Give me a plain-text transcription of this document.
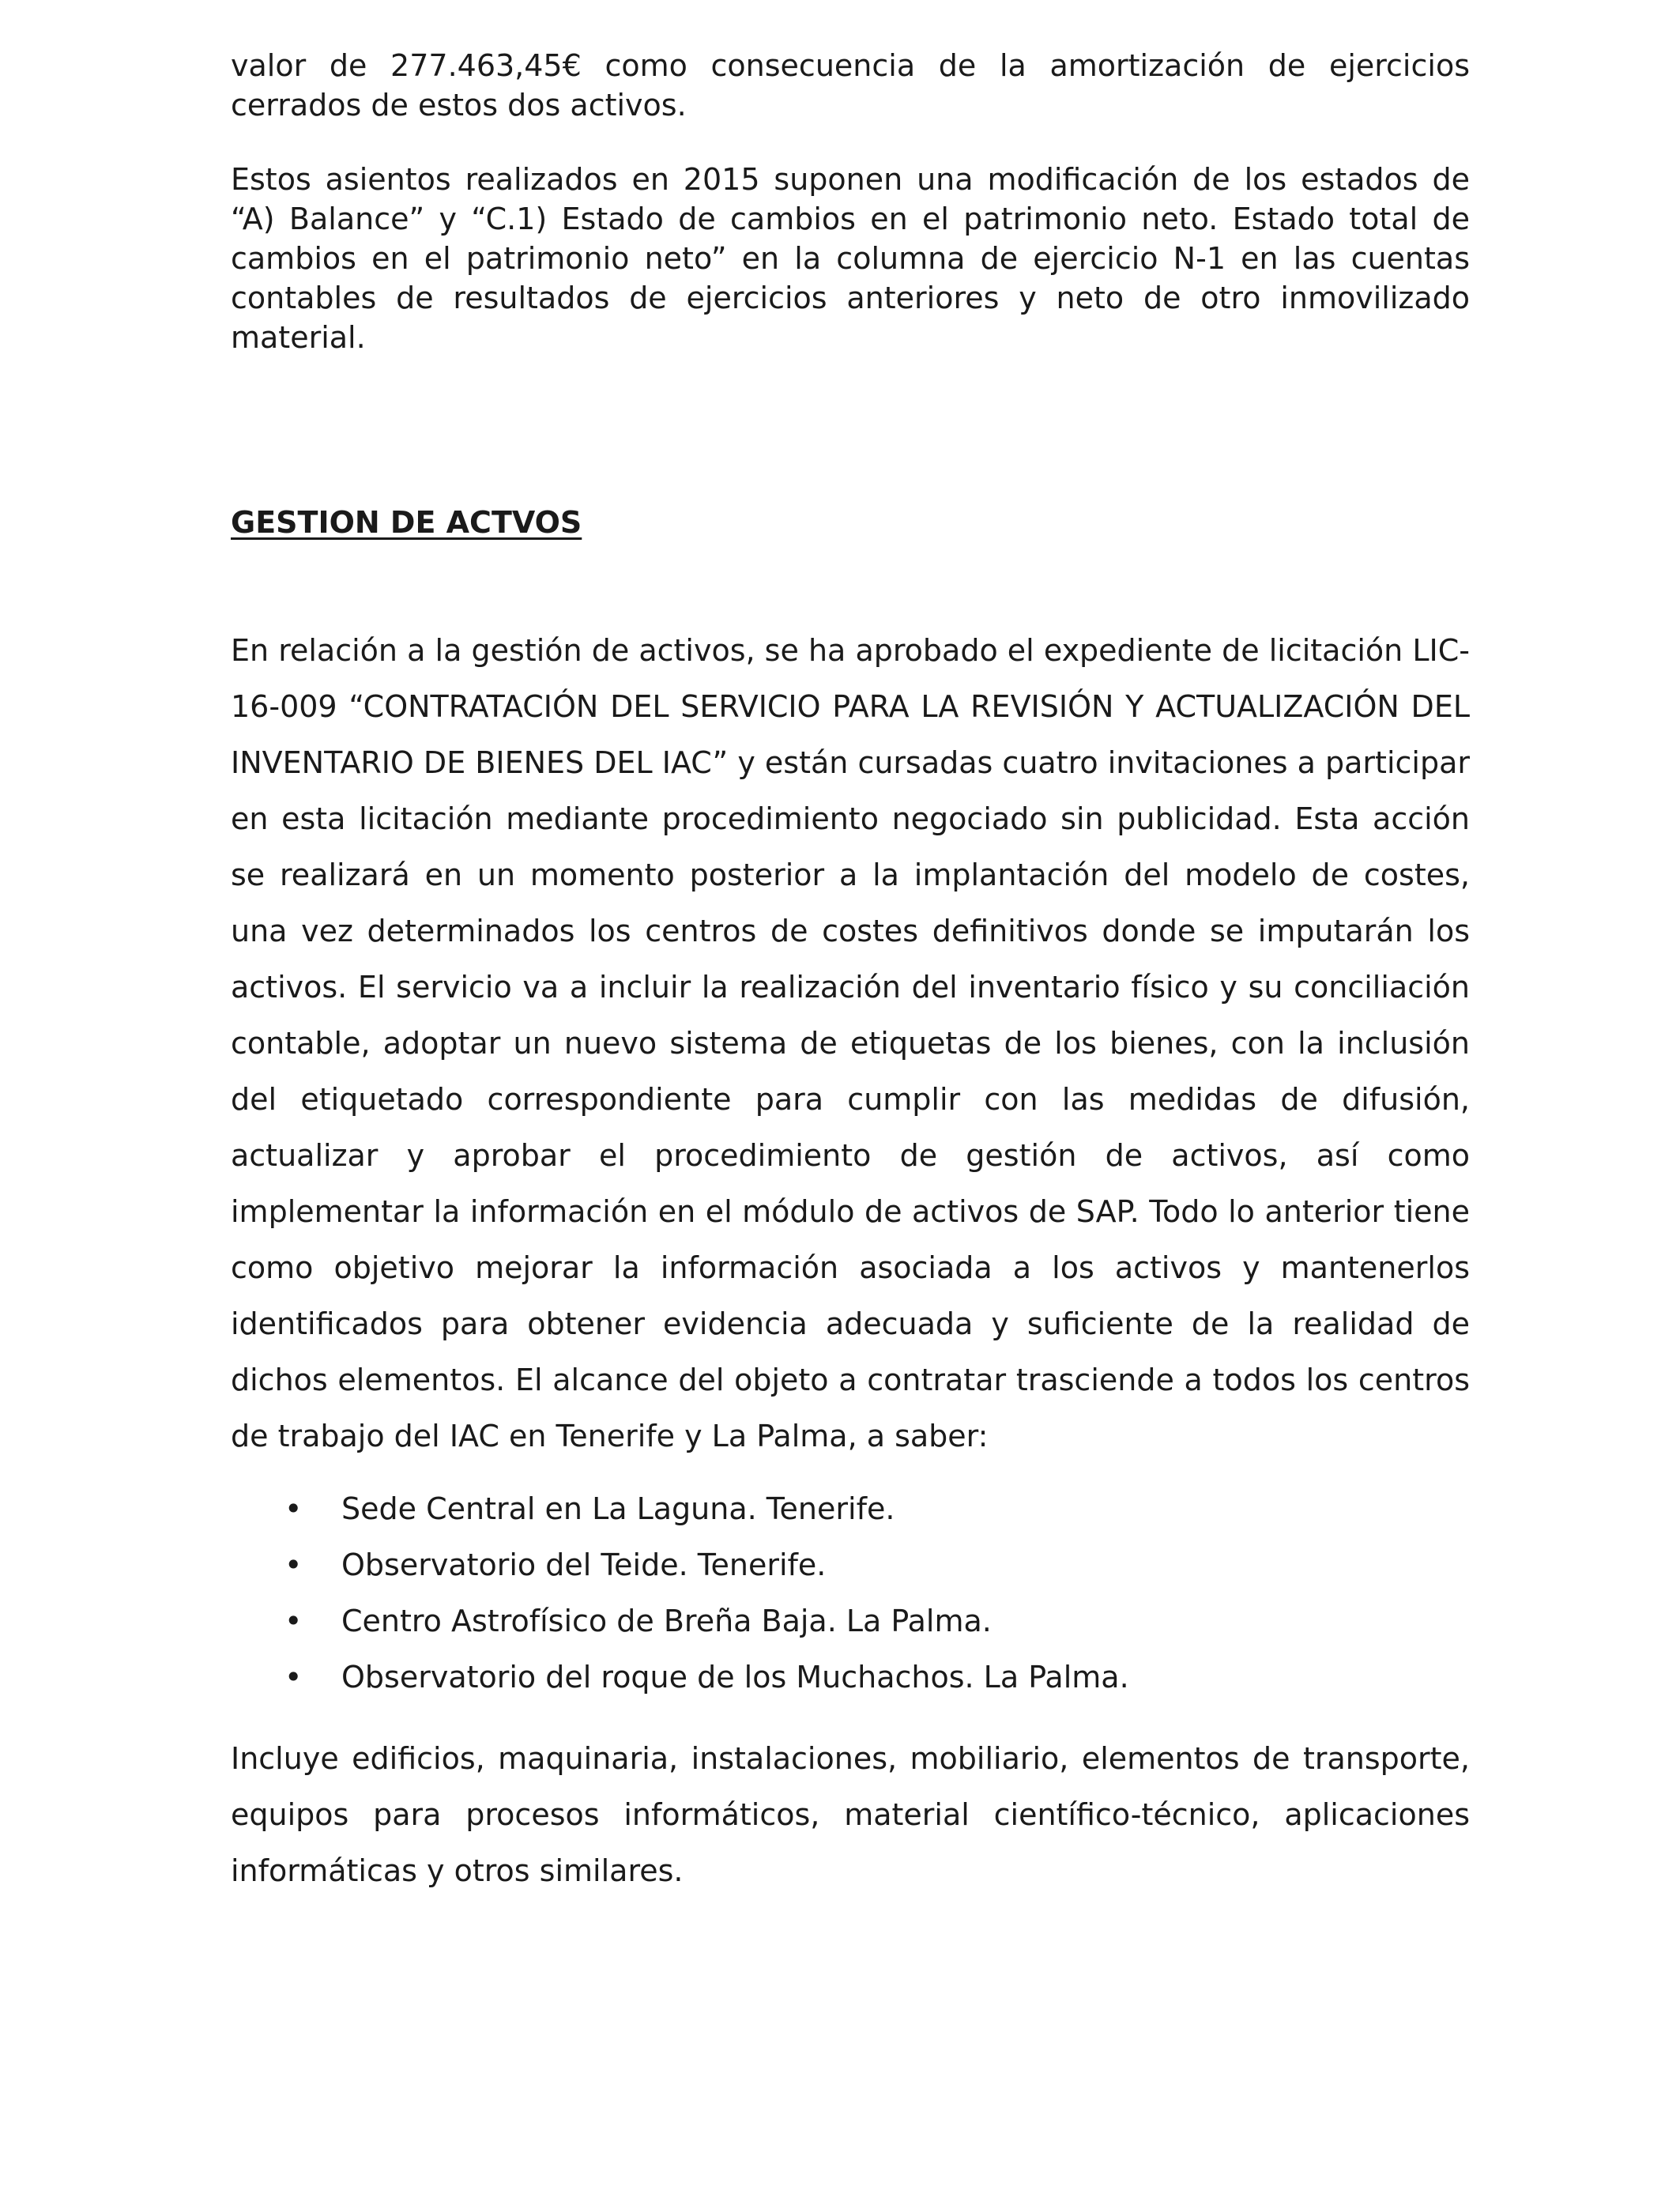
valor de 277.463,45€ como consecuencia de la amortización de ejercicios cerrados de estos dos activos.

Estos asientos realizados en 2015 suponen una modificación de los estados de “A) Balance” y “C.1) Estado de cambios en el patrimonio neto. Estado total de cambios en el patrimonio neto” en la columna de ejercicio N-1 en las cuentas contables de resultados de ejercicios anteriores y neto de otro inmovilizado material.

GESTION DE ACTVOS

En relación a la gestión de activos, se ha aprobado el expediente de licitación LIC-16-009 “CONTRATACIÓN DEL SERVICIO PARA LA REVISIÓN Y ACTUALIZACIÓN DEL INVENTARIO DE BIENES DEL IAC” y están cursadas cuatro invitaciones a participar en esta licitación mediante procedimiento negociado sin publicidad. Esta acción se realizará en un momento posterior a la implantación del modelo de costes, una vez determinados los centros de costes definitivos donde se imputarán los activos. El servicio va a incluir la realización del inventario físico y su conciliación contable, adoptar un nuevo sistema de etiquetas de los bienes, con la inclusión del etiquetado correspondiente para cumplir con las medidas de difusión, actualizar y aprobar el procedimiento de gestión de activos, así como implementar la información en el módulo de activos de SAP. Todo lo anterior tiene como objetivo mejorar la información asociada a los activos y mantenerlos identificados para obtener evidencia adecuada y suficiente de la realidad de dichos elementos. El alcance del objeto a contratar trasciende a todos los centros de trabajo del IAC en Tenerife y La Palma, a saber:

• Sede Central en La Laguna. Tenerife.
• Observatorio del Teide. Tenerife.
• Centro Astrofísico de Breña Baja. La Palma.
• Observatorio del roque de los Muchachos. La Palma.

Incluye edificios, maquinaria, instalaciones, mobiliario, elementos de transporte, equipos para procesos informáticos, material científico-técnico, aplicaciones informáticas y otros similares.
